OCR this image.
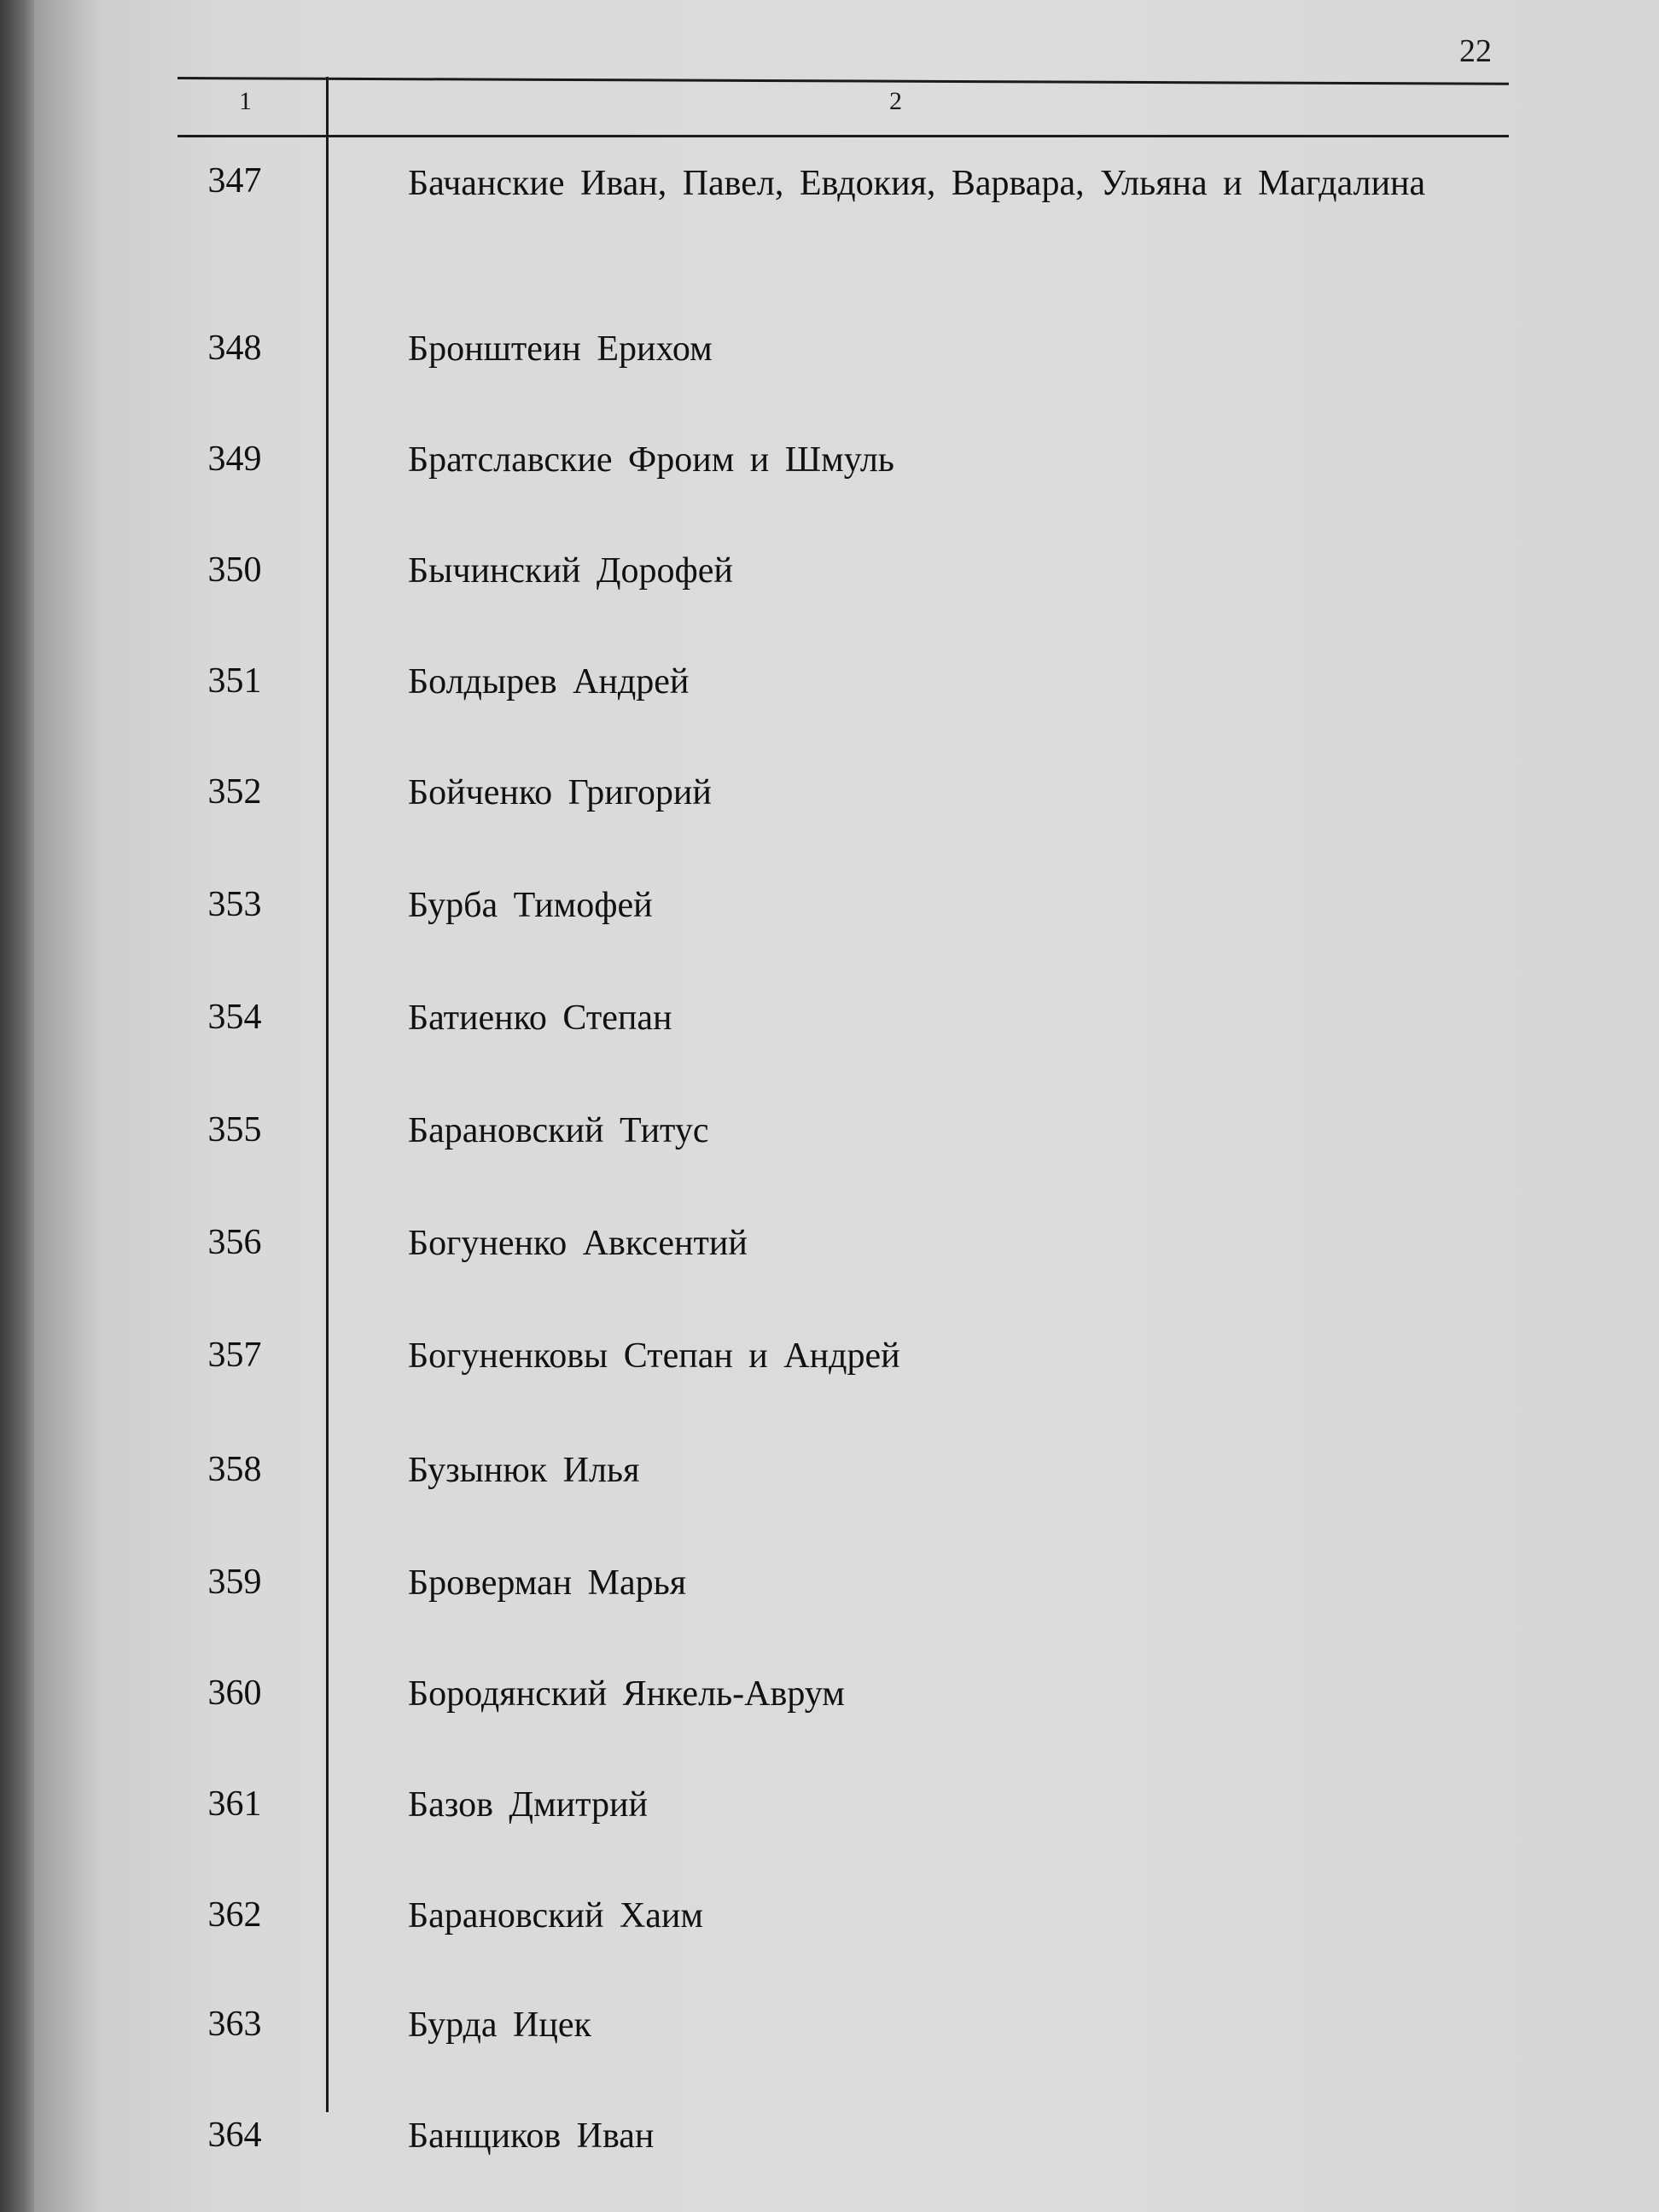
22
1	2
347	Бачанские Иван, Павел, Евдокия, Варвара, Ульяна и Магдалина
348	Бронштеин Ерихом
349	Братславские Фроим и Шмуль
350	Бычинский Дорофей
351	Болдырев Андрей
352	Бойченко Григорий
353	Бурба Тимофей
354	Батиенко Степан
355	Барановский Титус
356	Богуненко Авксентий
357	Богуненковы Степан и Андрей
358	Бузынюк Илья
359	Броверман Марья
360	Бородянский Янкель-Аврум
361	Базов Дмитрий
362	Барановский Хаим
363	Бурда Ицек
364	Банщиков Иван
